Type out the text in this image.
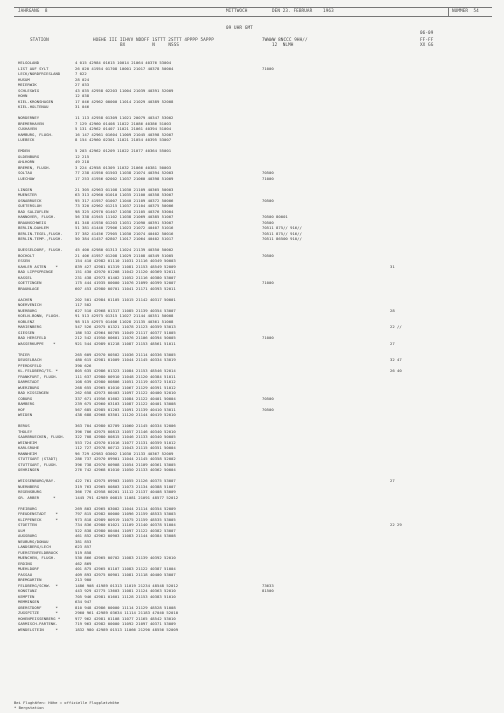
JAHRGANG  8	MITTWOCH	DEN 23. FEBRUAR    1963	NUMMER  54
09 UHR GMT
06-09
STATION	HOEHE III IIHVV NDDFF 1STTT 2STTT 4PPPP 5APPP
BX          N     NSSS
7WWWW 8NCCC 9HH//
12  NLMH
FF-FF
XX GG
HELGOLAND	4 015 42984 01615 10014 21064 40376 53004
LIST AUF SYLT	26 020 41954 01708 10001 21017 40378 50004	71000
LECK/NORDFRIESLAND	7 022
HUSUM	28 024
MEIERWIK	27 033
SCHLESWIG	43 035 42958 02203 11004 21039 40391 52009
HOHN	12 038
KIEL-KRONSHAGEN	17 046 42962 00000 11014 21029 40389 52008
KIEL-HOLTENAU	31 046
NORDERNEY	11 113 42958 01309 11021 20079 40347 53002
BREMERHAVEN	7 129 42960 01408 11022 21086 40386 51003
CUXHAVEN	5 131 42962 01407 11021 21061 40394 51004
HAMBURG, FLUGH.	16 147 42961 01604 11009 21045 40398 52007
LUEBECK	8 154 42960 02301 11021 21054 40395 53007
EMDEN	5 203 42962 01209 11022 21077 40364 55001
OLDENBURG	12 215
AHLHORN	49 218
BREMEN, FLUGH.	3 224 42958 01309 11032 21066 40381 50003
SOLTAU	77 238 41950 01503 11038 21074 40394 52003	70500
LUECHOW	17 253 41956 02002 11037 21060 40398 51009	71000
LINGEN	21 305 42963 01108 11030 21109 40365 50003
MUENSTER	63 313 42960 01010 11035 21100 40358 53007
OSNABRUECK	95 317 41957 01007 11040 21109 40372 50006	70500
GUETERSLOH	73 320 42962 01215 11037 21104 40375 50006
BAD SALZUFLEN	98 325 42970 01407 11038 21105 40376 53004
HANNOVER, FLUGH.	56 338 41945 11102 11038 21069 40385 51007	70500 80001
BRAUNSCHWEIG	81 348 41930 01203 11031 21090 40391 53007	70500
BERLIN-DAHLEM	51 381 41440 72906 11023 21072 40407 51016	70511 875// 916//
BERLIN-TEGEL,FLUGH.	37 382 41456 72905 11030 21074 40402 50016	70511 875// 916//
BERLIN-TEMP.,FLUGH.	50 384 41457 62807 11017 21064 40402 51017	70511 86500 910//
DUESSELDORF, FLUGH.	45 400 42980 01313 11024 21139 40350 50002
BOCHOLT	21 406 41957 01208 11029 21108 40349 51005	70500
ESSEN	154 410 42982 01110 11031 21116 40349 50003
KAHLER ASTEN    *	839 427 42981 01319 11081 21153 48549 52009	31
BAD LIPPSPRINGE	151 430 42970 01208 11042 21120 40369 52011
KASSEL	231 438 42973 01402 11052 21116 40380 53007
GOETTINGEN	175 444 41935 00000 11076 21099 40399 52007	71000
BRAUNLAGE	607 453 42980 00701 11041 21171 40393 52011
AACHEN	202 501 42984 01105 11015 21142 40317 50001
NOERVENICH	117 502
NUERBURG	627 510 42968 01317 11085 21139 40354 53007	28
KOELN-BONN, FLUGH.	91 513 42975 01315 11027 21144 40351 50008
KOBLENZ	98 515 42975 01406 11028 21135 40361 51008
MARIENBERG	547 526 42975 01321 11078 21123 40359 53013	22 //
GIESSEN	186 532 42964 00705 11049 21117 40377 51005
BAD HERSFELD	212 542 41950 00601 11076 21106 40394 50005	71000
WASSERKUPPE    *	921 544 42989 01218 11087 21153 48561 51011	27
TRIER	265 609 42970 00502 11036 21114 40336 53005
DEUSELBACH	480 615 42981 01009 11044 21145 40334 53019	32 47
PFERDSFELD	390 626
KL.FELDBERG/TS. *	805 635 42986 01323 11084 21153 48546 52014	26 40
FRANKFURT, FLUGH.	111 637 42980 00910 11048 21120 40384 51011
DARMSTADT	108 639 42980 00806 11051 21119 40372 51012
WUERZBURG	268 655 42965 01010 11067 21129 40391 51012
BAD KISSINGEN	262 658 42973 00403 11097 21122 40400 52010
COBURG	337 671 41956 01602 11084 21122 40401 50004	70500
BAMBERG	239 675 42960 03103 11087 21122 40401 53008
HOF	567 685 42985 01203 11091 21139 40410 53011	70500
WEIDEN	438 688 42968 03501 11120 21144 40419 52010
BERUS	363 704 42980 02709 11060 21145 40334 52006
THOLEY	396 706 42975 00813 11057 21146 40340 52010
SAARBRUECKEN, FLUGH.	322 708 42980 00815 11046 21133 40340 50005
WEINHEIM	553 724 42970 01016 11077 21131 40359 51012
KARLSRUHE	112 727 42978 00712 11043 21115 40351 50004
MANNHEIM	96 729 42983 03002 11030 21133 40367 52009
STUTTGART (STADT)	286 737 42970 09901 11044 21145 40358 52002
STUTTGART, FLUGH.	396 738 42970 00908 11054 21109 40361 53005
OEHRINGEN	276 742 42968 01010 11050 21133 40362 50004
WEISSENBURG/BAY.	422 761 42975 09903 11055 21126 40375 53007	27
NUERNBERG	319 763 42965 00803 11073 21134 40388 51007
REGENSBURG	366 776 42958 00201 11112 21137 40408 53009
GR. ARBER      *	1445 791 42989 00815 11081 21091 48577 52012
FREIBURG	269 803 42965 03002 11044 21114 40354 52009
FREUDENSTADT    *	797 815 42982 00000 11096 21159 48533 53003
KLIPPENECK      *	973 818 42989 00919 11075 21159 48535 53005
STOETTEN	734 836 42980 01021 11109 21140 40378 51004	22 29
ULM	522 838 42980 00404 11097 21122 40382 53007
AUGSBURG	461 852 42962 00903 11083 21144 40384 53008
NEUBURG/DONAU	381 853
LANDSBERG/LECH	623 857
FUERSTENFELDBRUCK	519 858
MUENCHEN, FLUGH.	530 866 42965 00702 11083 21139 40392 52010
ERDING	462 869
MUEHLDORF	401 875 42965 01107 11083 21122 40387 51004
PASSAU	409 893 42975 00901 11081 21118 40400 53007
BREMGARTEN	213 900
FELDBERG/SCHW.  *	1486 908 41989 01313 11019 21234 48548 52012	73633
KONSTANZ	443 929 42775 13603 11081 21124 40363 52010	81500
KEMPTEN	705 946 42981 01601 11128 21153 40383 51010
MEMMINGEN	634 947
OBERSTDORF      *	810 948 42986 00000 11114 21129 48528 51008
ZUGSPITZE       *	2960 961 42989 03634 11114 21183 47040 52010
HOHENPEISSENBERG *	977 962 42981 01108 11077 21165 48542 53010
GARMISCH-PARTENK.	719 963 42982 00000 11092 21097 40371 53009
WENDELSTEIN     *	1832 980 42989 01513 11066 21290 48556 52009
Bei Flughäfen: Höhe = offizielle Flugplatzhöhe
* Bergstation
